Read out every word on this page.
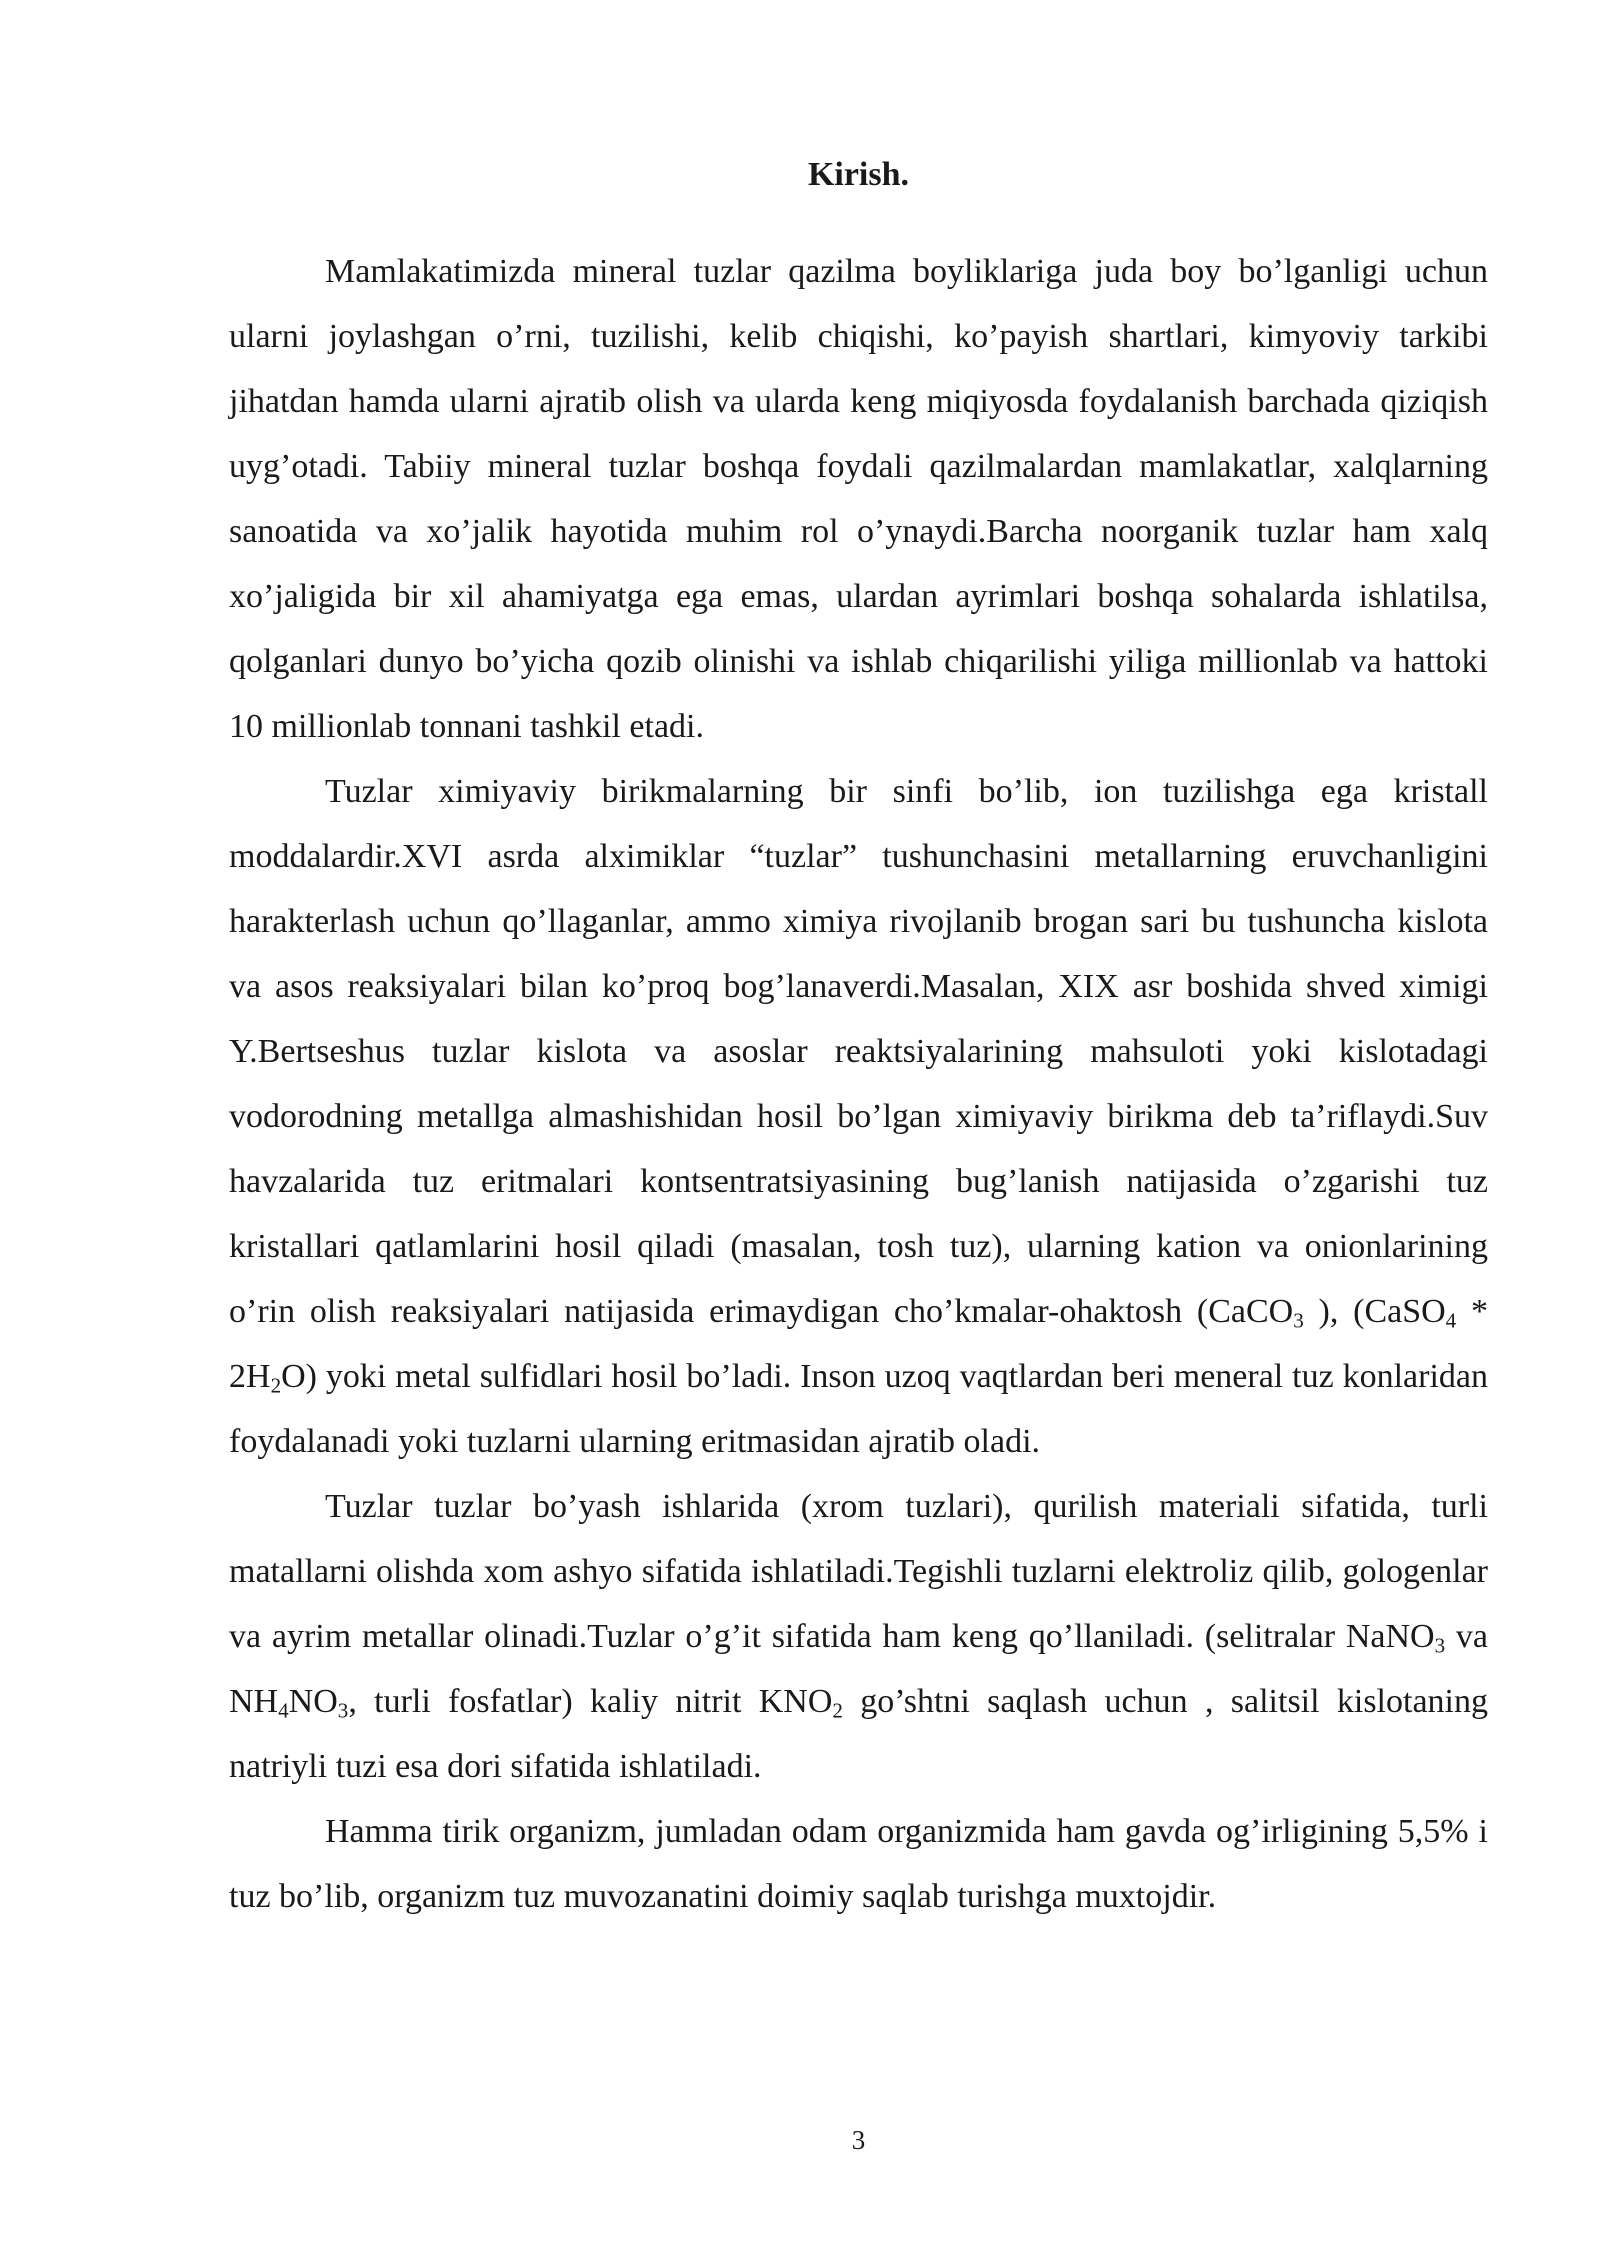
Kirish.

Mamlakatimizda mineral tuzlar qazilma boyliklariga juda boy bo’lganligi uchun ularni joylashgan o’rni, tuzilishi, kelib chiqishi, ko’payish shartlari, kimyoviy tarkibi jihatdan hamda ularni ajratib olish va ularda keng miqiyosda foydalanish barchada qiziqish uyg’otadi. Tabiiy mineral tuzlar boshqa foydali qazilmalardan mamlakatlar, xalqlarning sanoatida va xo’jalik hayotida muhim rol o’ynaydi.Barcha noorganik tuzlar ham xalq xo’jaligida bir xil ahamiyatga ega emas, ulardan ayrimlari boshqa sohalarda ishlatilsa, qolganlari dunyo bo’yicha qozib olinishi va ishlab chiqarilishi yiliga millionlab va hattoki 10 millionlab tonnani tashkil etadi.

Tuzlar ximiyaviy birikmalarning bir sinfi bo’lib, ion tuzilishga ega kristall moddalardir.XVI asrda alximiklar “tuzlar” tushunchasini metallarning eruvchanligini harakterlash uchun qo’llaganlar, ammo ximiya rivojlanib brogan sari bu tushuncha kislota va asos reaksiyalari bilan ko’proq bog’lanaverdi.Masalan, XIX asr boshida shved ximigi Y.Bertseshus tuzlar kislota va asoslar reaktsiyalarining mahsuloti yoki kislotadagi vodorodning metallga almashishidan hosil bo’lgan ximiyaviy birikma deb ta’riflaydi.Suv havzalarida tuz eritmalari kontsentratsiyasining bug’lanish natijasida o’zgarishi tuz kristallari qatlamlarini hosil qiladi (masalan, tosh tuz), ularning kation va onionlarining o’rin olish reaksiyalari natijasida erimaydigan cho’kmalar-ohaktosh (CaCO$_3$ ), (CaSO$_4$ * $2H_2O$) yoki metal sulfidlari hosil bo’ladi. Inson uzoq vaqtlardan beri meneral tuz konlaridan foydalanadi yoki tuzlarni ularning eritmasidan ajratib oladi.

Tuzlar tuzlar bo’yash ishlarida (xrom tuzlari), qurilish materiali sifatida, turli matallarni olishda xom ashyo sifatida ishlatiladi.Tegishli tuzlarni elektroliz qilib, gologenlar va ayrim metallar olinadi.Tuzlar o’g’it sifatida ham keng qo’llaniladi. (selitralar NaNO$_3$ va $NH_4NO_3$, turli fosfatlar) kaliy nitrit $KNO_2$ go’shtni saqlash uchun , salitsil kislotaning natriyli tuzi esa dori sifatida ishlatiladi.

Hamma tirik organizm, jumladan odam organizmida ham gavda og’irligining 5,5% i tuz bo’lib, organizm tuz muvozanatini doimiy saqlab turishga muxtojdir.

3
